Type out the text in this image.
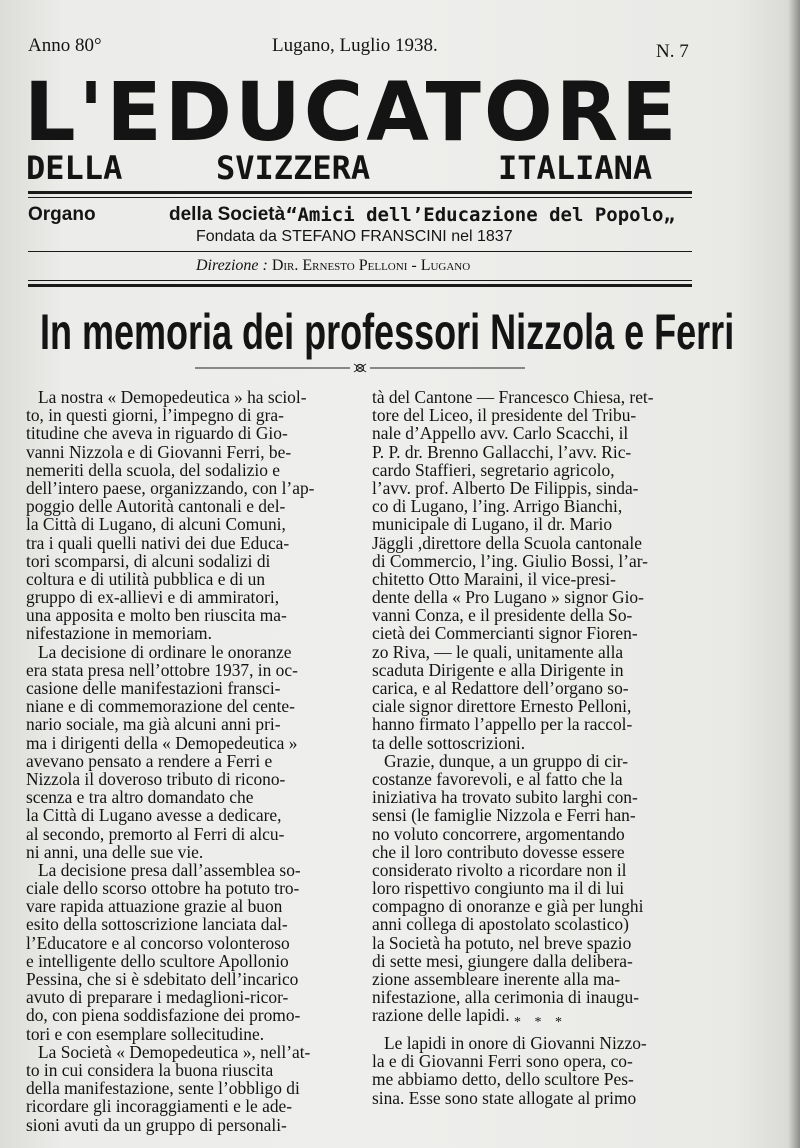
Anno 80°	Lugano, Luglio 1938.	N. 7
L'EDUCATORE
DELLA	SVIZZERA	ITALIANA
Organo	della Società “Amici dell’Educazione del Popolo„
Fondata da STEFANO FRANSCINI nel 1837
Direzione : Dir. Ernesto Pelloni - Lugano
In memoria dei professori Nizzola e Ferri
La nostra « Demopedeutica » ha sciol-
to, in questi giorni, l’impegno di gra-
titudine che aveva in riguardo di Gio-
vanni Nizzola e di Giovanni Ferri, be-
nemeriti della scuola, del sodalizio e
dell’intero paese, organizzando, con l’ap-
poggio delle Autorità cantonali e del-
la Città di Lugano, di alcuni Comuni,
tra i quali quelli nativi dei due Educa-
tori scomparsi, di alcuni sodalizi di
coltura e di utilità pubblica e di un
gruppo di ex-allievi e di ammiratori,
una apposita e molto ben riuscita ma-
nifestazione in memoriam.
La decisione di ordinare le onoranze
era stata presa nell’ottobre 1937, in oc-
casione delle manifestazioni fransci-
niane e di commemorazione del cente-
nario sociale, ma già alcuni anni pri-
ma i dirigenti della « Demopedeutica »
avevano pensato a rendere a Ferri e
Nizzola il doveroso tributo di ricono-
scenza e tra altro domandato che
la Città di Lugano avesse a dedicare,
al secondo, premorto al Ferri di alcu-
ni anni, una delle sue vie.
La decisione presa dall’assemblea so-
ciale dello scorso ottobre ha potuto tro-
vare rapida attuazione grazie al buon
esito della sottoscrizione lanciata dal-
l’Educatore e al concorso volonteroso
e intelligente dello scultore Apollonio
Pessina, che si è sdebitato dell’incarico
avuto di preparare i medaglioni-ricor-
do, con piena soddisfazione dei promo-
tori e con esemplare sollecitudine.
La Società « Demopedeutica », nell’at-
to in cui considera la buona riuscita
della manifestazione, sente l’obbligo di
ricordare gli incoraggiamenti e le ade-
sioni avuti da un gruppo di personali-
tà del Cantone — Francesco Chiesa, ret-
tore del Liceo, il presidente del Tribu-
nale d’Appello avv. Carlo Scacchi, il
P. P. dr. Brenno Gallacchi, l’avv. Ric-
cardo Staffieri, segretario agricolo,
l’avv. prof. Alberto De Filippis, sinda-
co di Lugano, l’ing. Arrigo Bianchi,
municipale di Lugano, il dr. Mario
Jäggli ,direttore della Scuola cantonale
di Commercio, l’ing. Giulio Bossi, l’ar-
chitetto Otto Maraini, il vice-presi-
dente della « Pro Lugano » signor Gio-
vanni Conza, e il presidente della So-
cietà dei Commercianti signor Fioren-
zo Riva, — le quali, unitamente alla
scaduta Dirigente e alla Dirigente in
carica, e al Redattore dell’organo so-
ciale signor direttore Ernesto Pelloni,
hanno firmato l’appello per la raccol-
ta delle sottoscrizioni.
Grazie, dunque, a un gruppo di cir-
costanze favorevoli, e al fatto che la
iniziativa ha trovato subito larghi con-
sensi (le famiglie Nizzola e Ferri han-
no voluto concorrere, argomentando
che il loro contributo dovesse essere
considerato rivolto a ricordare non il
loro rispettivo congiunto ma il di lui
compagno di onoranze e già per lunghi
anni collega di apostolato scolastico)
la Società ha potuto, nel breve spazio
di sette mesi, giungere dalla delibera-
zione assembleare inerente alla ma-
nifestazione, alla cerimonia di inaugu-
razione delle lapidi. * * *
Le lapidi in onore di Giovanni Nizzo-
la e di Giovanni Ferri sono opera, co-
me abbiamo detto, dello scultore Pes-
sina. Esse sono state allogate al primo
